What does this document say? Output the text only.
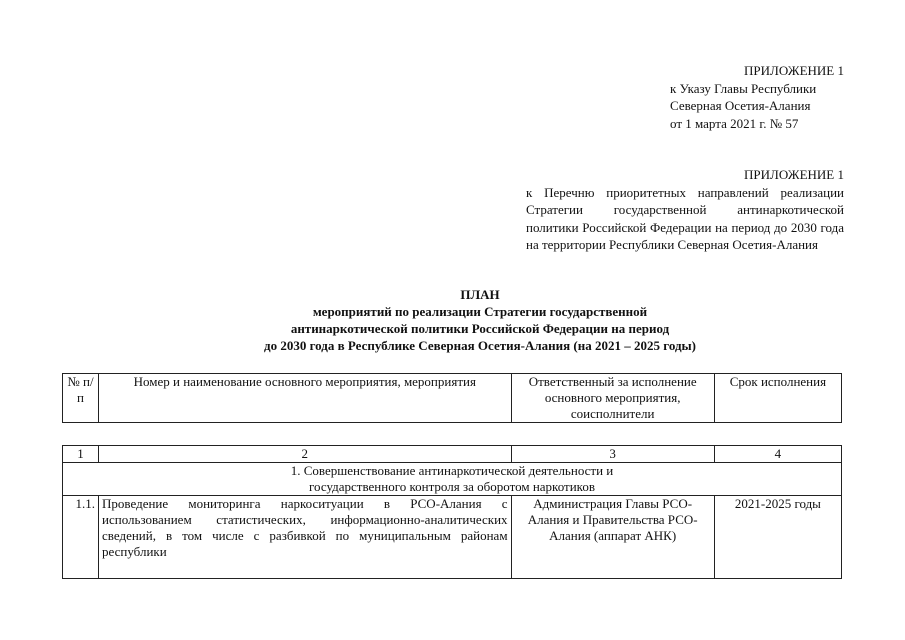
ПРИЛОЖЕНИЕ 1
к Указу Главы Республики
Северная Осетия-Алания
от 1 марта 2021 г. № 57
ПРИЛОЖЕНИЕ 1
к Перечню приоритетных направлений реализации Стратегии государственной антинаркотической политики Российской Федерации на период до 2030 года на территории Республики Северная Осетия-Алания
ПЛАН
мероприятий по реализации Стратегии государственной
антинаркотической политики Российской Федерации на период
до 2030 года в Республике Северная Осетия-Алания (на 2021 – 2025 годы)
№ п/п	Номер и наименование основного мероприятия, мероприятия	Ответственный за исполнение основного мероприятия, соисполнители	Срок исполнения
1	2	3	4
1. Совершенствование антинаркотической деятельности и государственного контроля за оборотом наркотиков			
1.1.	Проведение мониторинга наркоситуации в РСО-Алания с использованием статистических, информационно-аналитических сведений, в том числе с разбивкой по муниципальным районам республики	Администрация Главы РСО-Алания и Правительства РСО-Алания (аппарат АНК)	2021-2025 годы
